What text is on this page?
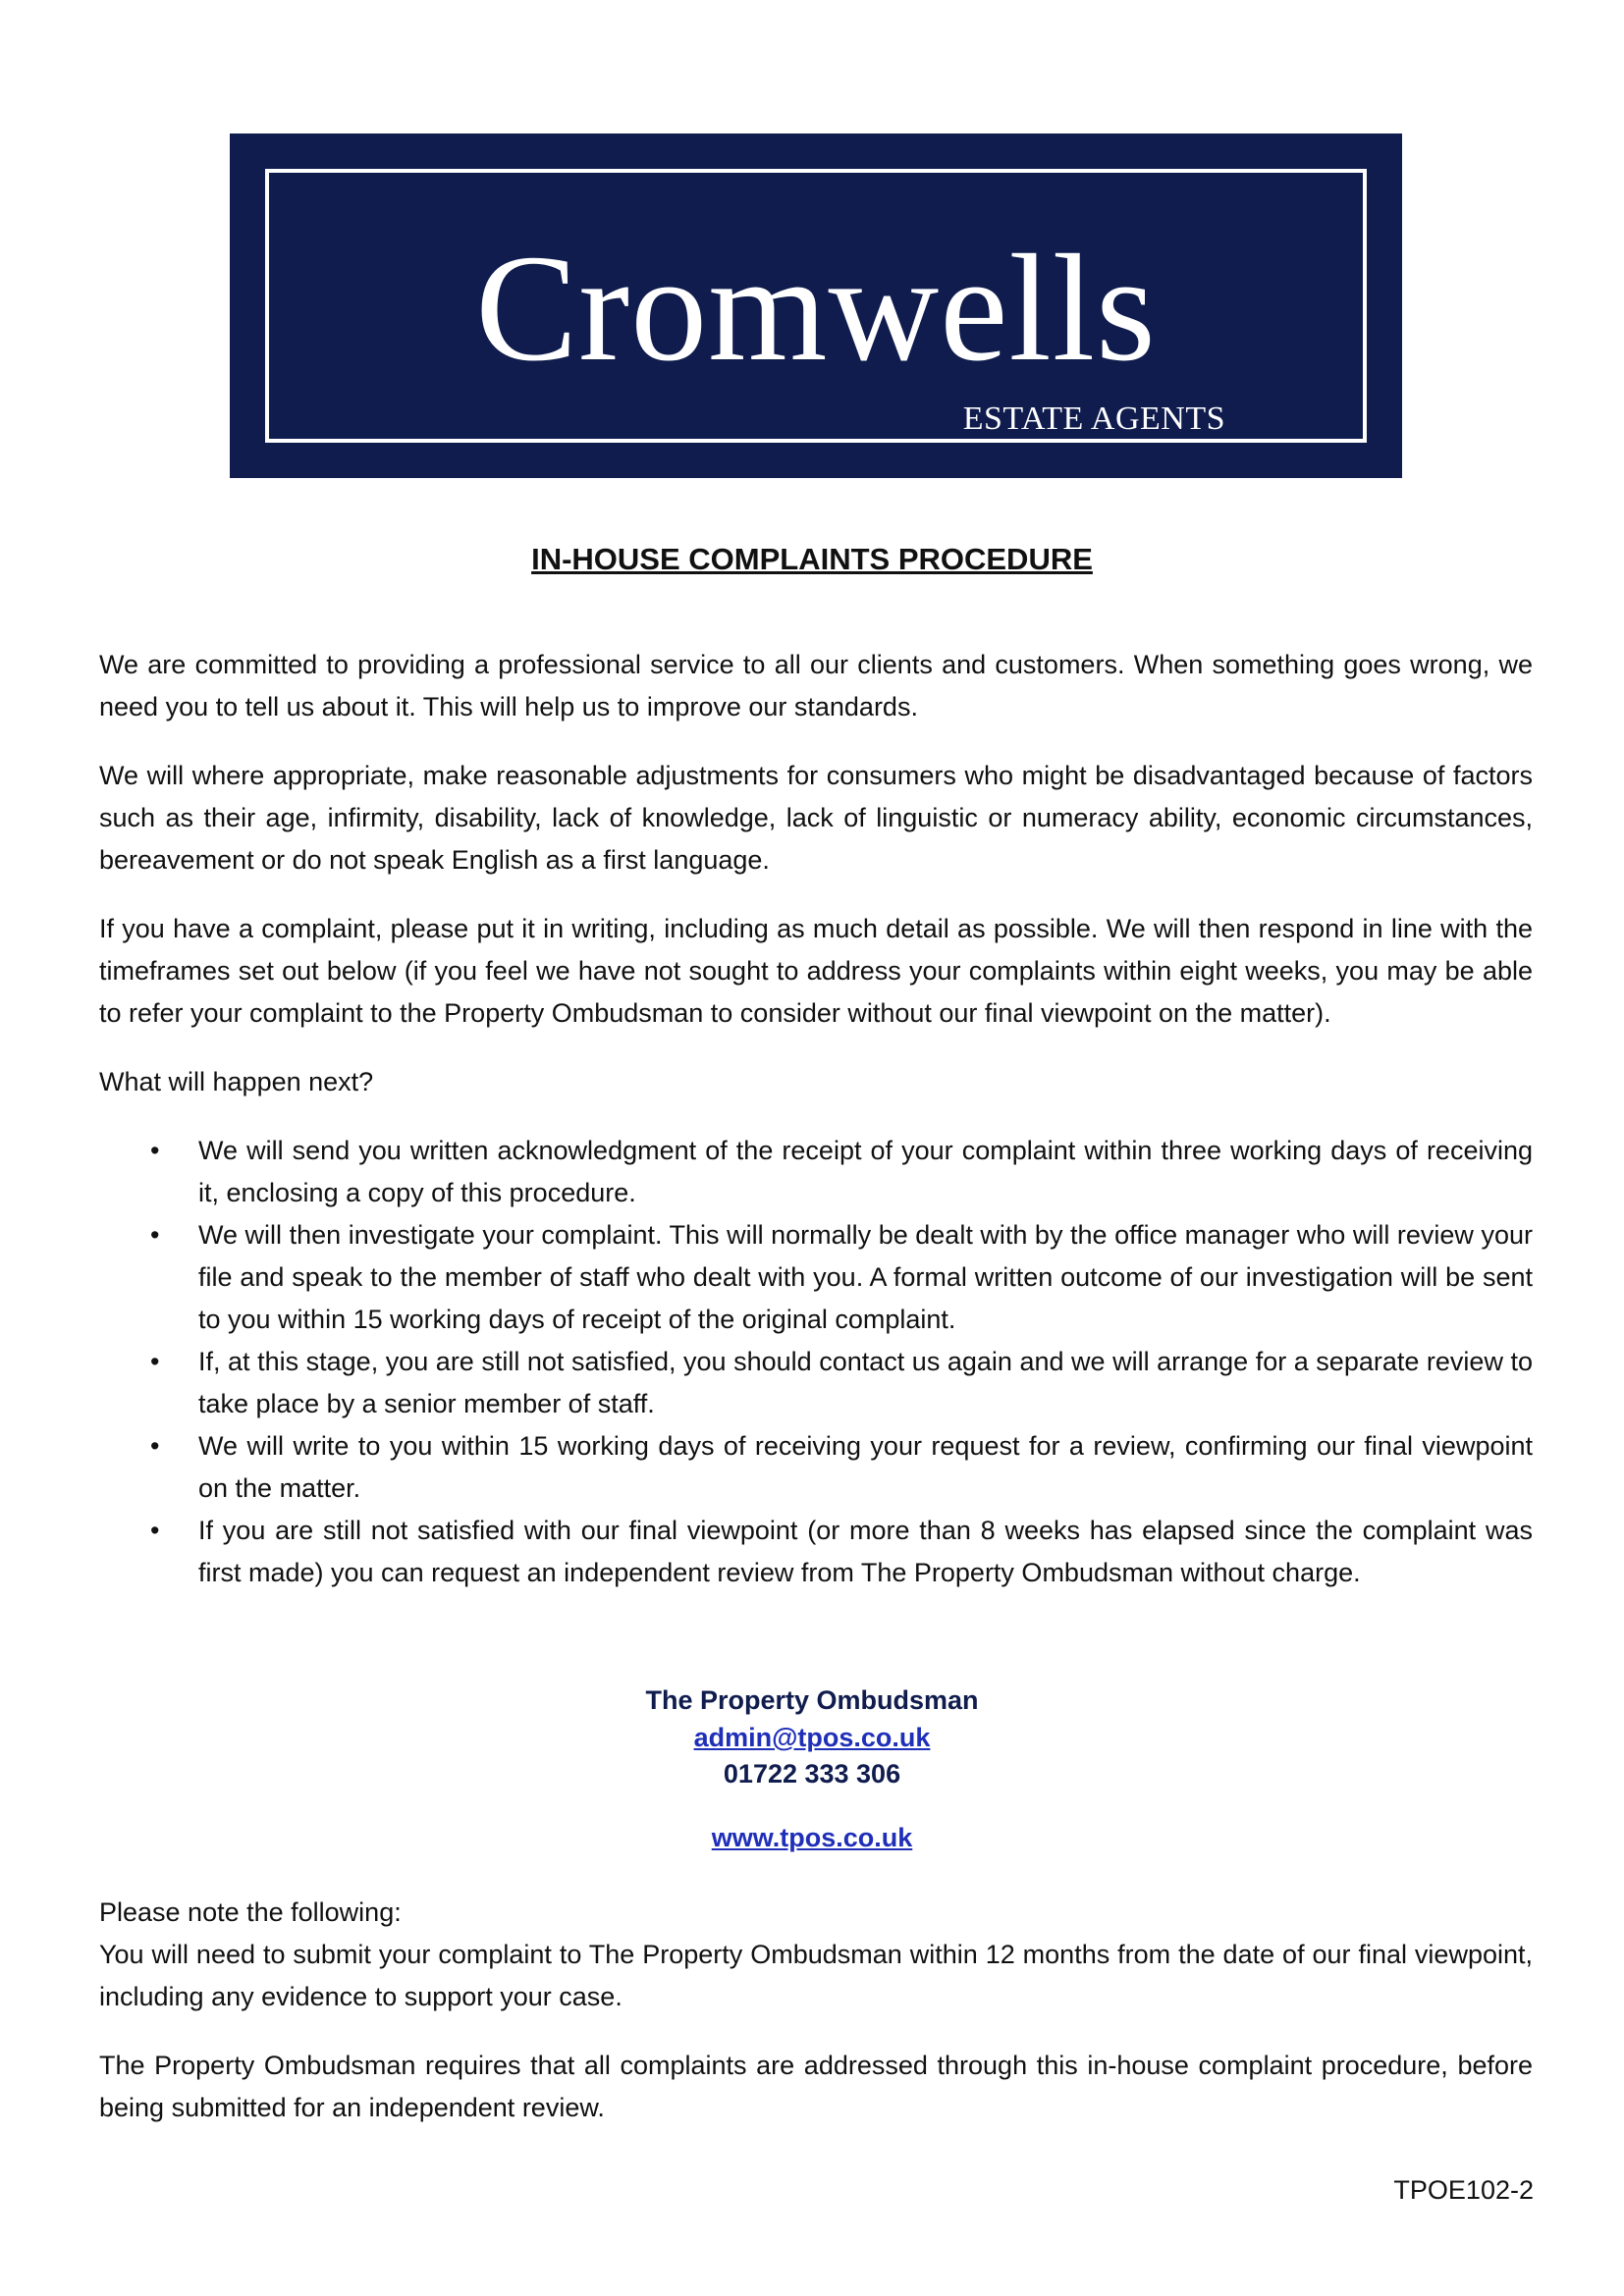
Cromwells
ESTATE AGENTS
IN-HOUSE COMPLAINTS PROCEDURE

We are committed to providing a professional service to all our clients and customers. When something goes wrong, we need you to tell us about it. This will help us to improve our standards.

We will where appropriate, make reasonable adjustments for consumers who might be disadvantaged because of factors such as their age, infirmity, disability, lack of knowledge, lack of linguistic or numeracy ability, economic circumstances, bereavement or do not speak English as a first language.

If you have a complaint, please put it in writing, including as much detail as possible. We will then respond in line with the timeframes set out below (if you feel we have not sought to address your complaints within eight weeks, you may be able to refer your complaint to the Property Ombudsman to consider without our final viewpoint on the matter).

What will happen next?

• We will send you written acknowledgment of the receipt of your complaint within three working days of receiving it, enclosing a copy of this procedure.
• We will then investigate your complaint. This will normally be dealt with by the office manager who will review your file and speak to the member of staff who dealt with you. A formal written outcome of our investigation will be sent to you within 15 working days of receipt of the original complaint.
• If, at this stage, you are still not satisfied, you should contact us again and we will arrange for a separate review to take place by a senior member of staff.
• We will write to you within 15 working days of receiving your request for a review, confirming our final viewpoint on the matter.
• If you are still not satisfied with our final viewpoint (or more than 8 weeks has elapsed since the complaint was first made) you can request an independent review from The Property Ombudsman without charge.
The Property Ombudsman
admin@tpos.co.uk
01722 333 306
www.tpos.co.uk

Please note the following:

You will need to submit your complaint to The Property Ombudsman within 12 months from the date of our final viewpoint, including any evidence to support your case.

The Property Ombudsman requires that all complaints are addressed through this in-house complaint procedure, before being submitted for an independent review.

TPOE102-2
